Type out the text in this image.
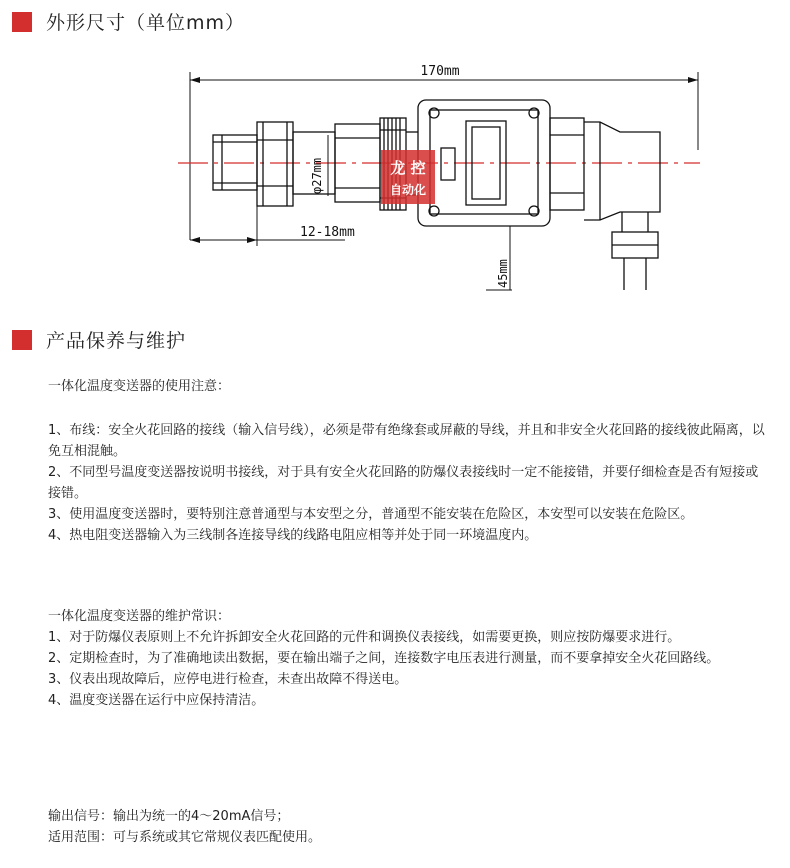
外形尺寸（单位mm）
170mm
12-18mm
φ27mm
45mm
龙 控
自动化
产品保养与维护

一体化温度变送器的使用注意：

1、布线：安全火花回路的接线（输入信号线），必须是带有绝缘套或屏蔽的导线，并且和非安全火花回路的接线彼此隔离，以免互相混触。

2、不同型号温度变送器按说明书接线，对于具有安全火花回路的防爆仪表接线时一定不能接错，并要仔细检查是否有短接或接错。

3、使用温度变送器时，要特别注意普通型与本安型之分，普通型不能安装在危险区，本安型可以安装在危险区。

4、热电阻变送器输入为三线制各连接导线的线路电阻应相等并处于同一环境温度内。

一体化温度变送器的维护常识：

1、对于防爆仪表原则上不允许拆卸安全火花回路的元件和调换仪表接线，如需要更换，则应按防爆要求进行。

2、定期检查时，为了准确地读出数据，要在输出端子之间，连接数字电压表进行测量，而不要拿掉安全火花回路线。

3、仪表出现故障后，应停电进行检查，未查出故障不得送电。

4、温度变送器在运行中应保持清洁。

输出信号：输出为统一的4～20mA信号；

适用范围：可与系统或其它常规仪表匹配使用。
